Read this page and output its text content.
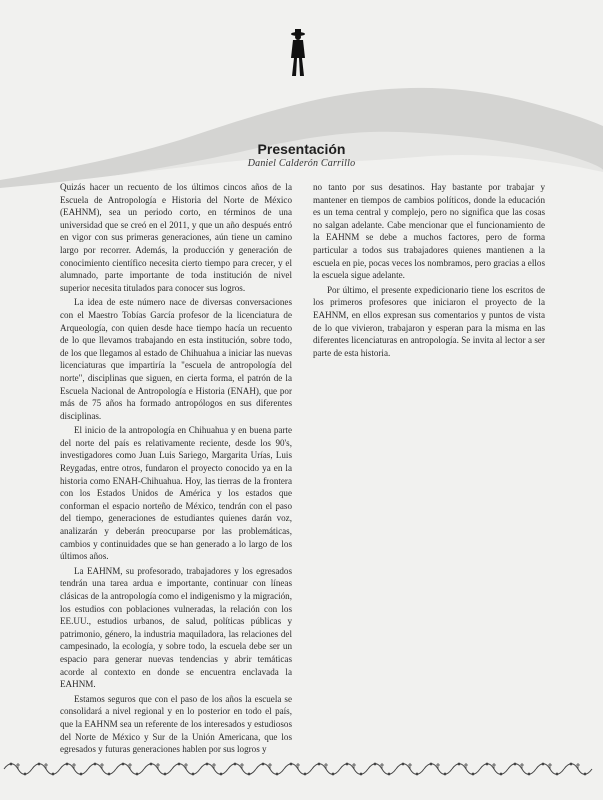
Presentación
Daniel Calderón Carrillo

Quizás hacer un recuento de los últimos cincos años de la Escuela de Antropología e Historia del Norte de México (EAHNM), sea un periodo corto, en términos de una universidad que se creó en el 2011, y que un año después entró en vigor con sus primeras generaciones, aún tiene un camino largo por recorrer. Además, la producción y generación de conocimiento científico necesita cierto tiempo para crecer, y el alumnado, parte importante de toda institución de nivel superior necesita titulados para conocer sus logros.

La idea de este número nace de diversas conversaciones con el Maestro Tobías García profesor de la licenciatura de Arqueología, con quien desde hace tiempo hacía un recuento de lo que llevamos trabajando en esta institución, sobre todo, de los que llegamos al estado de Chihuahua a iniciar las nuevas licenciaturas que impartiría la "escuela de antropología del norte", disciplinas que siguen, en cierta forma, el patrón de la Escuela Nacional de Antropología e Historia (ENAH), que por más de 75 años ha formado antropólogos en sus diferentes disciplinas.

El inicio de la antropología en Chihuahua y en buena parte del norte del país es relativamente reciente, desde los 90's, investigadores como Juan Luis Sariego, Margarita Urías, Luis Reygadas, entre otros, fundaron el proyecto conocido ya en la historia como ENAH-Chihuahua. Hoy, las tierras de la frontera con los Estados Unidos de América y los estados que conforman el espacio norteño de México, tendrán con el paso del tiempo, generaciones de estudiantes quienes darán voz, analizarán y deberán preocuparse por las problemáticas, cambios y continuidades que se han generado a lo largo de los últimos años.

La EAHNM, su profesorado, trabajadores y los egresados tendrán una tarea ardua e importante, continuar con líneas clásicas de la antropología como el indigenismo y la migración, los estudios con poblaciones vulneradas, la relación con los EE.UU., estudios urbanos, de salud, políticas públicas y patrimonio, género, la industria maquiladora, las relaciones del campesinado, la ecología, y sobre todo, la escuela debe ser un espacio para generar nuevas tendencias y abrir temáticas acorde al contexto en donde se encuentra enclavada la EAHNM.

Estamos seguros que con el paso de los años la escuela se consolidará a nivel regional y en lo posterior en todo el país, que la EAHNM sea un referente de los interesados y estudiosos del Norte de México y Sur de la Unión Americana, que los egresados y futuras generaciones hablen por sus logros y

no tanto por sus desatinos. Hay bastante por trabajar y mantener en tiempos de cambios políticos, donde la educación es un tema central y complejo, pero no significa que las cosas no salgan adelante. Cabe mencionar que el funcionamiento de la EAHNM se debe a muchos factores, pero de forma particular a todos sus trabajadores quienes mantienen a la escuela en pie, pocas veces los nombramos, pero gracias a ellos la escuela sigue adelante.

Por último, el presente expedicionario tiene los escritos de los primeros profesores que iniciaron el proyecto de la EAHNM, en ellos expresan sus comentarios y puntos de vista de lo que vivieron, trabajaron y esperan para la misma en las diferentes licenciaturas en antropología. Se invita al lector a ser parte de esta historia.
